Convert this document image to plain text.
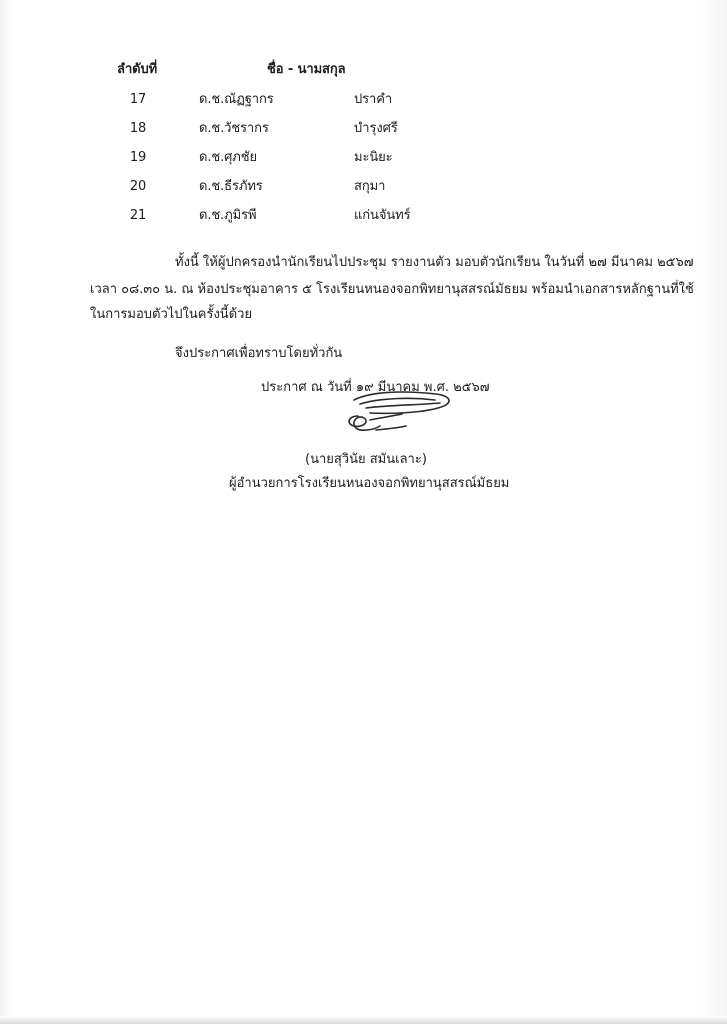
ลำดับที่	ชื่อ - นามสกุล
17	ด.ช.ณัฏฐากร	ปราคำ
18	ด.ช.วัชรากร	บำรุงศรี
19	ด.ช.ศุภชัย	มะนิยะ
20	ด.ช.ธีรภัทร	สกุมา
21	ด.ช.ภูมิรพี	แก่นจันทร์
ทั้งนี้ ให้ผู้ปกครองนำนักเรียนไปประชุม รายงานตัว มอบตัวนักเรียน ในวันที่ ๒๗ มีนาคม ๒๕๖๗
เวลา ๐๘.๓๐ น. ณ ห้องประชุมอาคาร ๕ โรงเรียนหนองจอกพิทยานุสสรณ์มัธยม พร้อมนำเอกสารหลักฐานที่ใช้
ในการมอบตัวไปในครั้งนี้ด้วย
จึงประกาศเพื่อทราบโดยทั่วกัน
ประกาศ ณ วันที่ ๑๙ มีนาคม พ.ศ. ๒๕๖๗
(นายสุวินัย สมันเลาะ)
ผู้อำนวยการโรงเรียนหนองจอกพิทยานุสสรณ์มัธยม
